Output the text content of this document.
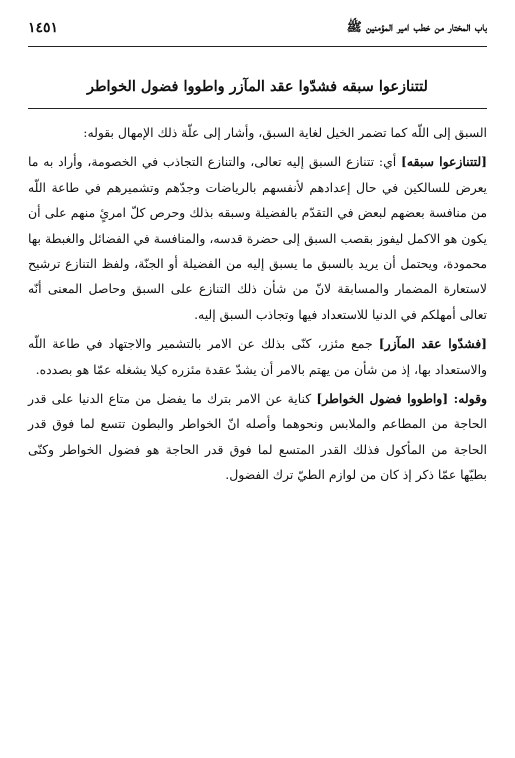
باب المختار من خطب امير المؤمنين ﷺ
١٤٥١
لتتنازعوا سبقه فشدّوا عقد المآزر واطووا فضول الخواطر

السبق إلى اللّه كما تضمر الخيل لغاية السبق، وأشار إلى علّة ذلك الإمهال بقوله:

[لتتنازعوا سبقه] أي: تتنازع السبق إليه تعالى، والتنازع التجاذب في الخصومة، وأراد به ما يعرض للسالكين في حال إعدادهم لأنفسهم بالرياضات وجدّهم وتشميرهم في طاعة اللّه من منافسة بعضهم لبعض في التقدّم بالفضيلة وسبقه بذلك وحرص كلّ امرئٍ منهم على أن يكون هو الاكمل ليفوز بقصب السبق إلى حضرة قدسه، والمنافسة في الفضائل والغبطة بها محمودة، ويحتمل أن يريد بالسبق ما يسبق إليه من الفضيلة أو الجنّة، ولفظ التنازع ترشيح لاستعارة المضمار والمسابقة لانّ من شأن ذلك التنازع على السبق وحاصل المعنى أنّه تعالى أمهلكم في الدنيا للاستعداد فيها وتجاذب السبق إليه.

[فشدّوا عقد المآزر] جمع مئزر، كنّى بذلك عن الامر بالتشمير والاجتهاد في طاعة اللّه والاستعداد بها، إذ من شأن من يهتم بالامر أن يشدّ عقدة مئزره كيلا يشغله عمّا هو بصدده.

وقوله: [واطووا فضول الخواطر] كناية عن الامر بترك ما يفضل من متاع الدنيا على قدر الحاجة من المطاعم والملابس ونحوهما وأصله انّ الخواطر والبطون تتسع لما فوق قدر الحاجة من المأكول فذلك القدر المتسع لما فوق قدر الحاجة هو فضول الخواطر وكنّى بطيّها عمّا ذكر إذ كان من لوازم الطيّ ترك الفضول.
